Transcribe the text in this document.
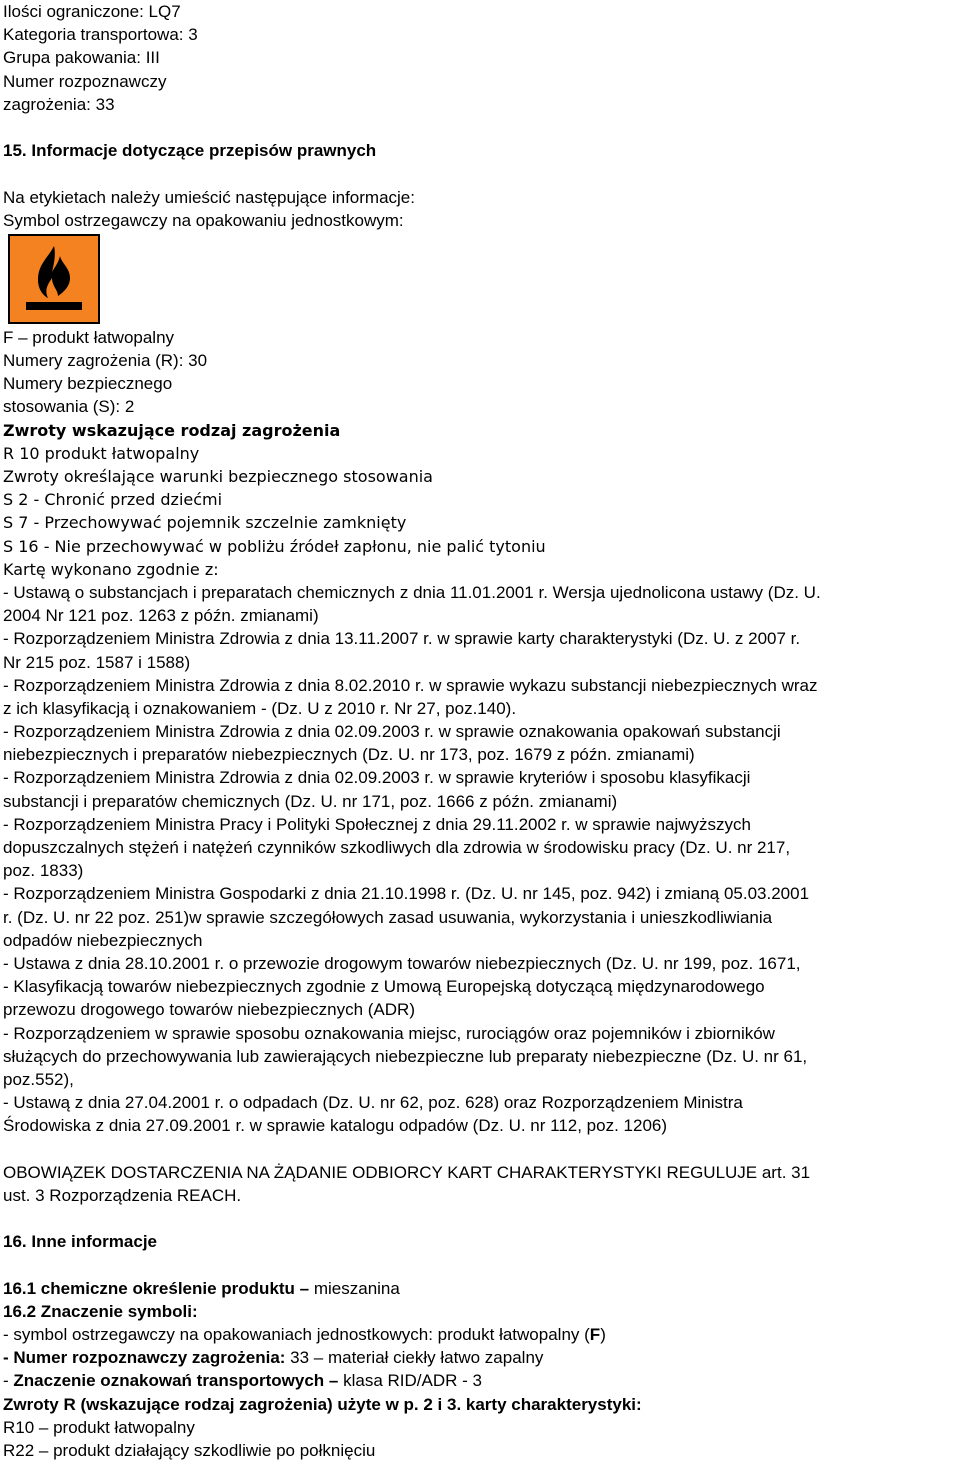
Ilości ograniczone: LQ7
Kategoria transportowa: 3
Grupa pakowania: III
Numer rozpoznawczy
zagrożenia: 33
15. Informacje dotyczące przepisów prawnych
Na etykietach należy umieścić następujące informacje:
Symbol ostrzegawczy na opakowaniu jednostkowym:
F – produkt łatwopalny
Numery zagrożenia (R): 30
Numery bezpiecznego
stosowania (S): 2
Zwroty wskazujące rodzaj zagrożenia
R 10 produkt łatwopalny
Zwroty określające warunki bezpiecznego stosowania
S 2 - Chronić przed dziećmi
S 7 - Przechowywać pojemnik szczelnie zamknięty
S 16 - Nie przechowywać w pobliżu źródeł zapłonu, nie palić tytoniu
Kartę wykonano zgodnie z:
- Ustawą o substancjach i preparatach chemicznych z dnia 11.01.2001 r. Wersja ujednolicona ustawy (Dz. U.
2004 Nr 121 poz. 1263 z późn. zmianami)
- Rozporządzeniem Ministra Zdrowia z dnia 13.11.2007 r. w sprawie karty charakterystyki (Dz. U. z 2007 r.
Nr 215 poz. 1587 i 1588)
- Rozporządzeniem Ministra Zdrowia z dnia 8.02.2010 r. w sprawie wykazu substancji niebezpiecznych wraz
z ich klasyfikacją i oznakowaniem - (Dz. U z 2010 r. Nr 27, poz.140).
- Rozporządzeniem Ministra Zdrowia z dnia 02.09.2003 r. w sprawie oznakowania opakowań substancji
niebezpiecznych i preparatów niebezpiecznych (Dz. U. nr 173, poz. 1679 z późn. zmianami)
- Rozporządzeniem Ministra Zdrowia z dnia 02.09.2003 r. w sprawie kryteriów i sposobu klasyfikacji
substancji i preparatów chemicznych (Dz. U. nr 171, poz. 1666 z późn. zmianami)
- Rozporządzeniem Ministra Pracy i Polityki Społecznej z dnia 29.11.2002 r. w sprawie najwyższych
dopuszczalnych stężeń i natężeń czynników szkodliwych dla zdrowia w środowisku pracy (Dz. U. nr 217,
poz. 1833)
- Rozporządzeniem Ministra Gospodarki z dnia 21.10.1998 r. (Dz. U. nr 145, poz. 942) i zmianą 05.03.2001
r. (Dz. U. nr 22 poz. 251)w sprawie szczegółowych zasad usuwania, wykorzystania i unieszkodliwiania
odpadów niebezpiecznych
- Ustawa z dnia 28.10.2001 r. o przewozie drogowym towarów niebezpiecznych (Dz. U. nr 199, poz. 1671,
- Klasyfikacją towarów niebezpiecznych zgodnie z Umową Europejską dotyczącą międzynarodowego
przewozu drogowego towarów niebezpiecznych (ADR)
- Rozporządzeniem w sprawie sposobu oznakowania miejsc, rurociągów oraz pojemników i zbiorników
służących do przechowywania lub zawierających niebezpieczne lub preparaty niebezpieczne (Dz. U. nr 61,
poz.552),
- Ustawą z dnia 27.04.2001 r. o odpadach (Dz. U. nr 62, poz. 628) oraz Rozporządzeniem Ministra
Środowiska z dnia 27.09.2001 r. w sprawie katalogu odpadów (Dz. U. nr 112, poz. 1206)
OBOWIĄZEK DOSTARCZENIA NA ŻĄDANIE ODBIORCY KART CHARAKTERYSTYKI REGULUJE art. 31
ust. 3 Rozporządzenia REACH.
16. Inne informacje
16.1 chemiczne określenie produktu – mieszanina
16.2 Znaczenie symboli:
- symbol ostrzegawczy na opakowaniach jednostkowych: produkt łatwopalny (F)
- Numer rozpoznawczy zagrożenia: 33 – materiał ciekły łatwo zapalny
- Znaczenie oznakowań transportowych – klasa RID/ADR - 3
Zwroty R (wskazujące rodzaj zagrożenia) użyte w p. 2 i 3. karty charakterystyki:
R10 – produkt łatwopalny
R22 – produkt działający szkodliwie po połknięciu
